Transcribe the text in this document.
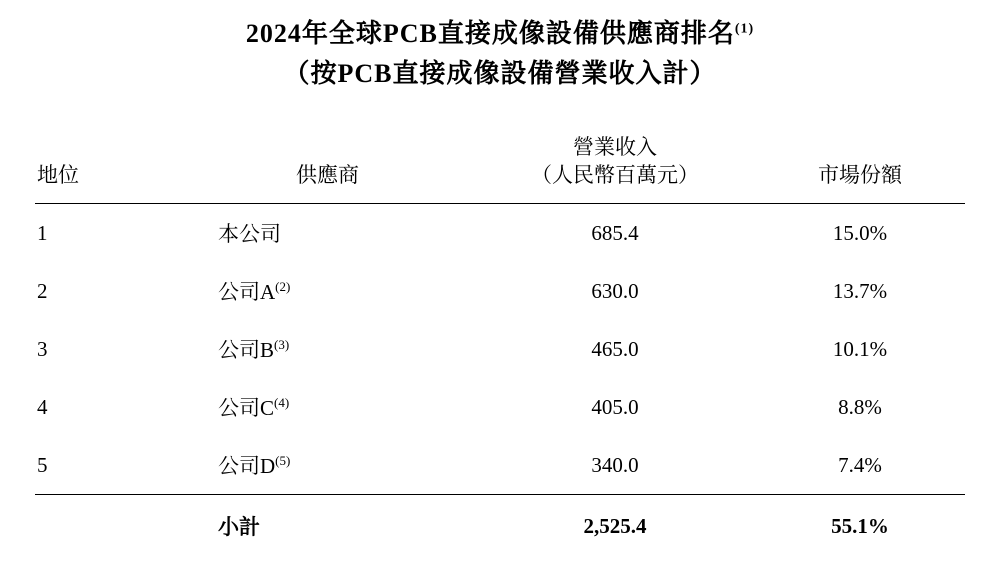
2024年全球PCB直接成像設備供應商排名$^{(1)}$
（按PCB直接成像設備營業收入計）
地位	供應商	營業收入
（人民幣百萬元）	市場份額
1	本公司	685.4	15.0%
2	公司$A^{(2)}$	630.0	13.7%
3	公司$B^{(3)}$	465.0	10.1%
4	公司$C^{(4)}$	405.0	8.8%
5	公司$D^{(5)}$	340.0	7.4%
	小計	2,525.4	55.1%
